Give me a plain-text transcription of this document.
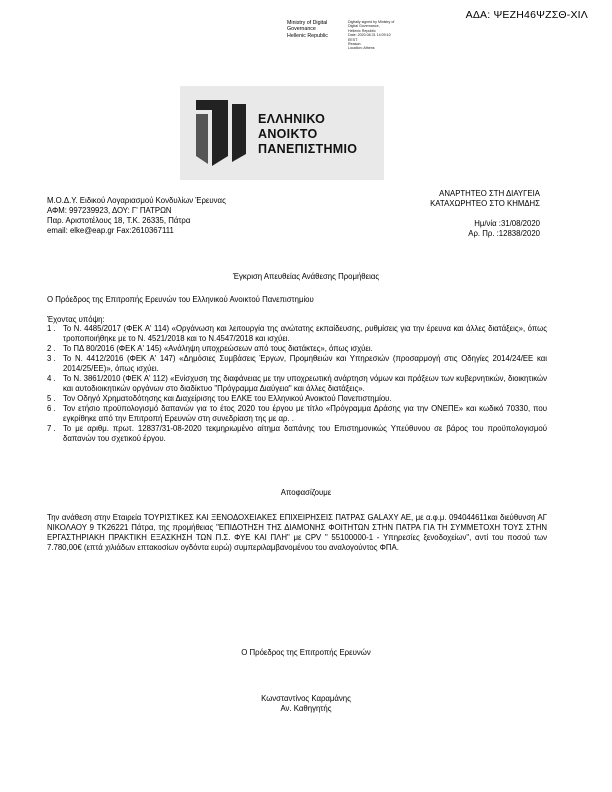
ΑΔΑ: ΨΕΖΗ46ΨΖΣΘ-ΧΙΛ
Ministry of Digital
Governance
Hellenic Republic
Digitally signed by Ministry of
Digital Governance,
Hellenic Republic
Date: 2020.08.31 14:09:10
EEST
Reason:
Location: Athens
ΕΛΛΗΝΙΚΟ
ΑΝΟΙΚΤΟ
ΠΑΝΕΠΙΣΤΗΜΙΟ
Μ.Ο.Δ.Υ. Ειδικού Λογαριασμού Κονδυλίων Έρευνας
ΑΦΜ: 997239923, ΔΟΥ: Γ' ΠΑΤΡΩΝ
Παρ. Αριστοτέλους 18, Τ.Κ. 26335, Πάτρα
email: elke@eap.gr Fax:2610367111
ΑΝΑΡΤΗΤΕΟ ΣΤΗ ΔΙΑΥΓΕΙΑ
ΚΑΤΑΧΩΡΗΤΕΟ ΣΤΟ ΚΗΜΔΗΣ
Ημ/νία :31/08/2020
Αρ. Πρ. :12838/2020
Έγκριση Απευθείας Ανάθεσης Προμήθειας
Ο Πρόεδρος της Επιτροπής Ερευνών του Ελληνικού Ανοικτού Πανεπιστημίου
Έχοντας υπόψη:
1 . Το Ν. 4485/2017 (ΦΕΚ Α' 114) «Οργάνωση και λειτουργία της ανώτατης εκπαίδευσης, ρυθμίσεις για την έρευνα και άλλες διατάξεις», όπως τροποποιήθηκε με το Ν. 4521/2018 και το Ν.4547/2018 και ισχύει.
2 . Το ΠΔ 80/2016 (ΦΕΚ Α' 145) «Ανάληψη υποχρεώσεων από τους διατάκτες», όπως ισχύει.
3 . Το Ν. 4412/2016 (ΦΕΚ Α' 147) «Δημόσιες Συμβάσεις Έργων, Προμηθειών και Υπηρεσιών (προσαρμογή στις Οδηγίες 2014/24/ΕΕ και 2014/25/ΕΕ)», όπως ισχύει.
4 . Το Ν. 3861/2010 (ΦΕΚ Α' 112) «Ενίσχυση της διαφάνειας με την υποχρεωτική ανάρτηση νόμων και πράξεων των κυβερνητικών, διοικητικών και αυτοδιοικητικών οργάνων στο διαδίκτυο "Πρόγραμμα Διαύγεια" και άλλες διατάξεις».
5 . Τον Οδηγό Χρηματοδότησης και Διαχείρισης του ΕΛΚΕ του Ελληνικού Ανοικτού Πανεπιστημίου.
6 . Τον ετήσιο προϋπολογισμό δαπανών για το έτος 2020 του έργου με τίτλο «Πρόγραμμα Δράσης για την ΟΝΕΠΕ» και κωδικό 70330, που εγκρίθηκε από την Επιτροπή Ερευνών στη συνεδρίαση της με αρ. .
7 . Το με αριθμ. πρωτ. 12837/31-08-2020 τεκμηριωμένο αίτημα δαπάνης του Επιστημονικώς Υπεύθυνου σε βάρος του προϋπολογισμού δαπανών του σχετικού έργου.
Αποφασίζουμε
Την ανάθεση στην Εταιρεία ΤΟΥΡΙΣΤΙΚΕΣ ΚΑΙ ΞΕΝΟΔΟΧΕΙΑΚΕΣ ΕΠΙΧΕΙΡΗΣΕΙΣ ΠΑΤΡΑΣ GALAXY AE, με α.φ.μ. 094044611και διεύθυνση ΑΓ ΝΙΚΟΛΑΟΥ 9 ΤΚ26221 Πάτρα, της προμήθειας "ΕΠΙΔΟΤΗΣΗ ΤΗΣ ΔΙΑΜΟΝΗΣ ΦΟΙΤΗΤΩΝ ΣΤΗΝ ΠΑΤΡΑ ΓΙΑ ΤΗ ΣΥΜΜΕΤΟΧΗ ΤΟΥΣ ΣΤΗΝ ΕΡΓΑΣΤΗΡΙΑΚΗ ΠΡΑΚΤΙΚΗ ΕΞΑΣΚΗΣΗ ΤΩΝ Π.Σ. ΦΥΕ ΚΑΙ ΠΛΗ" με CPV " 55100000-1 - Υπηρεσίες ξενοδοχείων", αντί του ποσού των 7.780,00€ (επτά χιλιάδων επτακοσίων ογδόντα ευρώ) συμπεριλαμβανομένου του αναλογούντος ΦΠΑ.
Ο Πρόεδρος της Επιτροπής Ερευνών
Κωνσταντίνος Καραμάνης
Αν. Καθηγητής
